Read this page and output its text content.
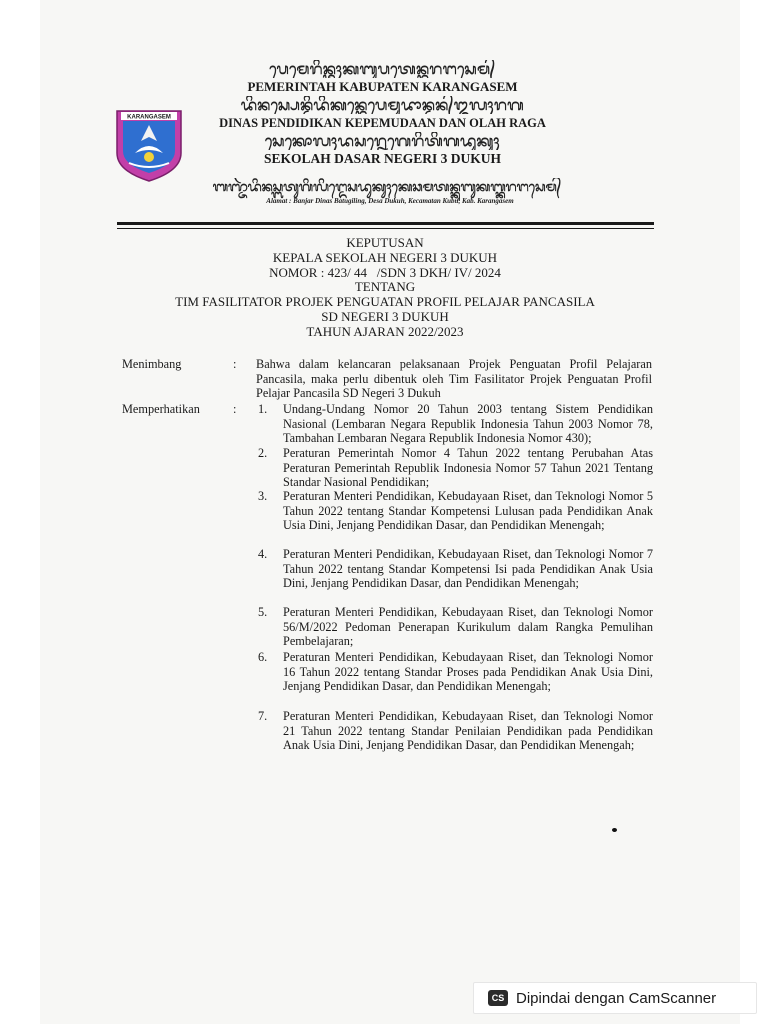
KARANGASEM
ᬧᬾᬫᬾᬭᬶᬦ᭄ᬢᬄᬓᬩᬸᬧᬢᬾᬦ᭄ᬓᬭᬗᬲᬾᬫ᭄
PEMERINTAH KABUPATEN KARANGASEM
ᬤᬶᬦᬲ᭄ᬧᬾᬦ᭄ᬤᬶᬤᬶᬓᬦ᭄ᬓᬾᬧᬾᬫᬸᬤᬵᬦ᭄ᬤᬦ᭄ᬑᬮᬄᬭᬕ
DINAS PENDIDIKAN KEPEMUDAAN DAN OLAH RAGA
ᬲᬾᬓᭀᬮᬄᬤᬲᬭ᭄ᬦᬾᬕᬾᬭᬶᬢᬶᬕᬤᬸᬓᬸᬄ
SEKOLAH DASAR NEGERI 3 DUKUH
ᬩᬜ᭄ᬚᬃᬤᬶᬦᬲ᭄ᬩᬢᬸᬕᬶᬮᬶᬗ᭄ᬤᬾᬲᬤᬸᬓᬸᬄᬓᬾᬘᬫᬢᬦ᭄ᬓᬸᬩᬸᬓᬩ᭄ᬓᬭᬗᬲᬾᬫ᭄
Alamat : Banjar Dinas Batugiling, Desa Dukuh, Kecamatan Kubu, Kab. Karangasem
KEPUTUSAN
KEPALA SEKOLAH NEGERI 3 DUKUH
NOMOR : 423/ 44   /SDN 3 DKH/ IV/ 2024
TENTANG
TIM FASILITATOR PROJEK PENGUATAN PROFIL PELAJAR PANCASILA
SD NEGERI 3 DUKUH
TAHUN AJARAN 2022/2023
Menimbang	: Bahwa dalam kelancaran pelaksanaan Projek Penguatan Profil Pelajaran Pancasila, maka perlu dibentuk oleh Tim Fasilitator Projek Penguatan Profil Pelajar Pancasila SD Negeri 3 Dukuh
Memperhatikan	: 1. Undang-Undang Nomor 20 Tahun 2003 tentang Sistem Pendidikan Nasional (Lembaran Negara Republik Indonesia Tahun 2003 Nomor 78, Tambahan Lembaran Negara Republik Indonesia Nomor 430);
2. Peraturan Pemerintah Nomor 4 Tahun 2022 tentang Perubahan Atas Peraturan Pemerintah Republik Indonesia Nomor 57 Tahun 2021 Tentang Standar Nasional Pendidikan;
3. Peraturan Menteri Pendidikan, Kebudayaan Riset, dan Teknologi Nomor 5 Tahun 2022 tentang Standar Kompetensi Lulusan pada Pendidikan Anak Usia Dini, Jenjang Pendidikan Dasar, dan Pendidikan Menengah;
4. Peraturan Menteri Pendidikan, Kebudayaan Riset, dan Teknologi Nomor 7 Tahun 2022 tentang Standar Kompetensi Isi pada Pendidikan Anak Usia Dini, Jenjang Pendidikan Dasar, dan Pendidikan Menengah;
5. Peraturan Menteri Pendidikan, Kebudayaan Riset, dan Teknologi Nomor 56/M/2022 Pedoman Penerapan Kurikulum dalam Rangka Pemulihan Pembelajaran;
6. Peraturan Menteri Pendidikan, Kebudayaan Riset, dan Teknologi Nomor 16 Tahun 2022 tentang Standar Proses pada Pendidikan Anak Usia Dini, Jenjang Pendidikan Dasar, dan Pendidikan Menengah;
7. Peraturan Menteri Pendidikan, Kebudayaan Riset, dan Teknologi Nomor 21 Tahun 2022 tentang Standar Penilaian Pendidikan pada Pendidikan Anak Usia Dini, Jenjang Pendidikan Dasar, dan Pendidikan Menengah;
CS Dipindai dengan CamScanner
